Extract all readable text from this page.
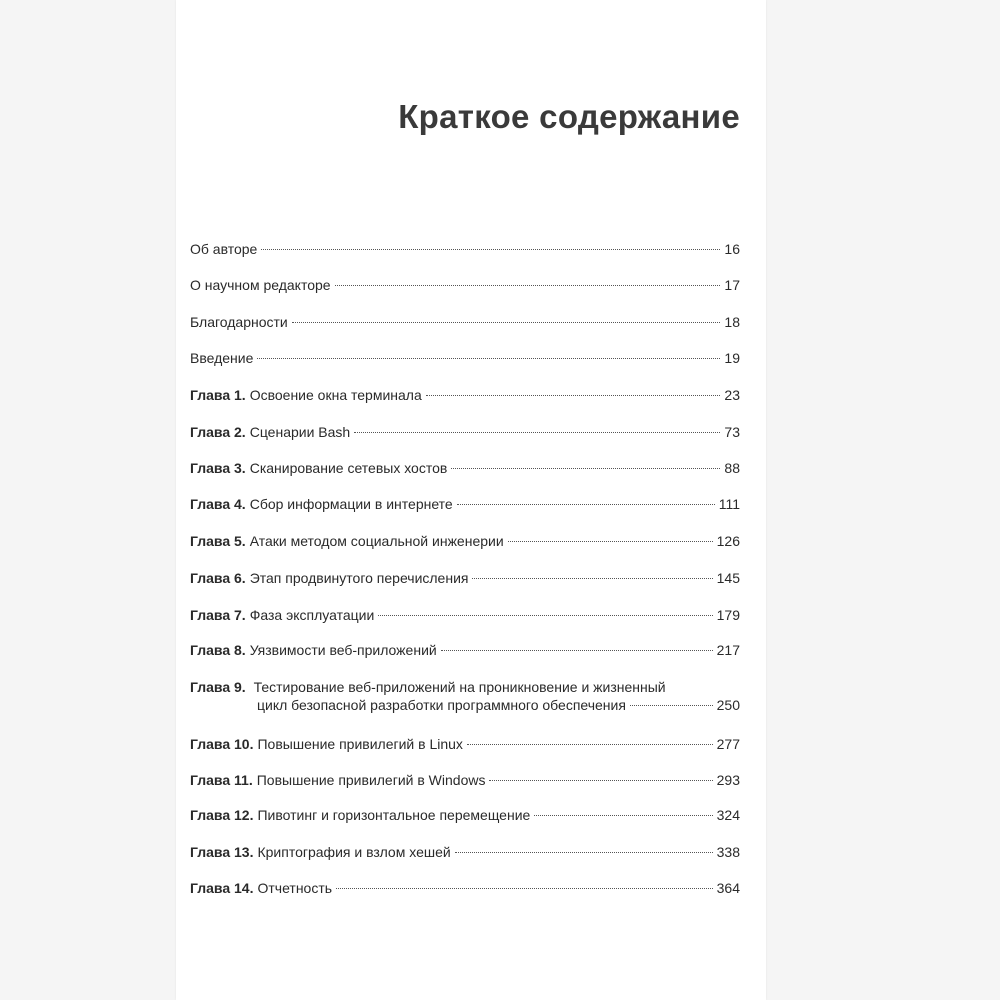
Краткое содержание
Об авторе	16
О научном редакторе	17
Благодарности	18
Введение	19
Глава 1. Освоение окна терминала	23
Глава 2. Сценарии Bash	73
Глава 3. Сканирование сетевых хостов	88
Глава 4. Сбор информации в интернете	111
Глава 5. Атаки методом социальной инженерии	126
Глава 6. Этап продвинутого перечисления	145
Глава 7. Фаза эксплуатации	179
Глава 8. Уязвимости веб-приложений	217
Глава 9. Тестирование веб-приложений на проникновение и жизненный
цикл безопасной разработки программного обеспечения	250
Глава 10. Повышение привилегий в Linux	277
Глава 11. Повышение привилегий в Windows	293
Глава 12. Пивотинг и горизонтальное перемещение	324
Глава 13. Криптография и взлом хешей	338
Глава 14. Отчетность	364
